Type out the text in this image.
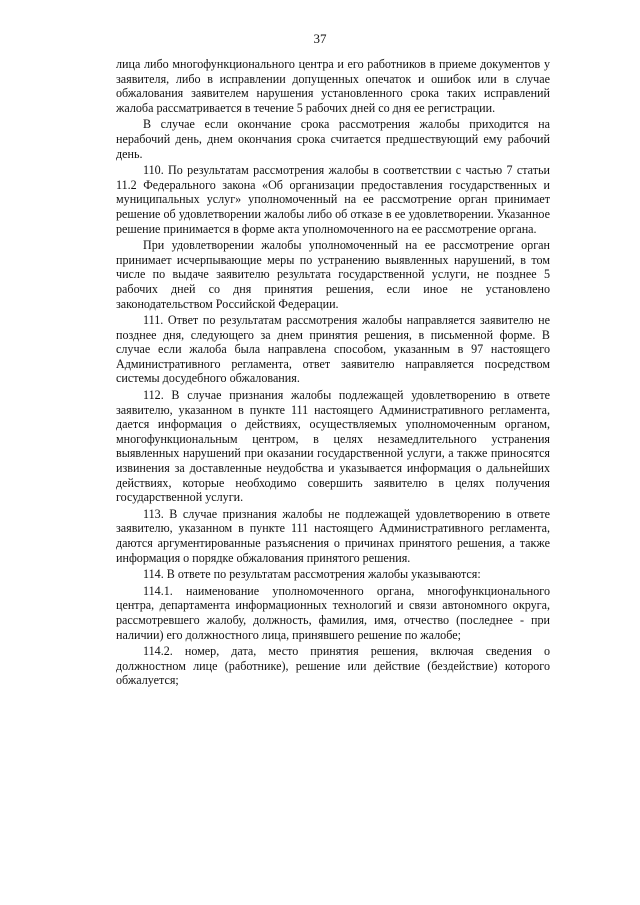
37

лица либо многофункционального центра и его работников в приеме документов у заявителя, либо в исправлении допущенных опечаток и ошибок или в случае обжалования заявителем нарушения установленного срока таких исправлений жалоба рассматривается в течение 5 рабочих дней со дня ее регистрации.

В случае если окончание срока рассмотрения жалобы приходится на нерабочий день, днем окончания срока считается предшествующий ему рабочий день.

110. По результатам рассмотрения жалобы в соответствии с частью 7 статьи 11.2 Федерального закона «Об организации предоставления государственных и муниципальных услуг» уполномоченный на ее рассмотрение орган принимает решение об удовлетворении жалобы либо об отказе в ее удовлетворении. Указанное решение принимается в форме акта уполномоченного на ее рассмотрение органа.

При удовлетворении жалобы уполномоченный на ее рассмотрение орган принимает исчерпывающие меры по устранению выявленных нарушений, в том числе по выдаче заявителю результата государственной услуги, не позднее 5 рабочих дней со дня принятия решения, если иное не установлено законодательством Российской Федерации.

111. Ответ по результатам рассмотрения жалобы направляется заявителю не позднее дня, следующего за днем принятия решения, в письменной форме. В случае если жалоба была направлена способом, указанным в 97 настоящего Административного регламента, ответ заявителю направляется посредством системы досудебного обжалования.

112. В случае признания жалобы подлежащей удовлетворению в ответе заявителю, указанном в пункте 111 настоящего Административного регламента, дается информация о действиях, осуществляемых уполномоченным органом, многофункциональным центром, в целях незамедлительного устранения выявленных нарушений при оказании государственной услуги, а также приносятся извинения за доставленные неудобства и указывается информация о дальнейших действиях, которые необходимо совершить заявителю в целях получения государственной услуги.

113. В случае признания жалобы не подлежащей удовлетворению в ответе заявителю, указанном в пункте 111 настоящего Административного регламента, даются аргументированные разъяснения о причинах принятого решения, а также информация о порядке обжалования принятого решения.

114. В ответе по результатам рассмотрения жалобы указываются:

114.1. наименование уполномоченного органа, многофункционального центра, департамента информационных технологий и связи автономного округа, рассмотревшего жалобу, должность, фамилия, имя, отчество (последнее - при наличии) его должностного лица, принявшего решение по жалобе;

114.2. номер, дата, место принятия решения, включая сведения о должностном лице (работнике), решение или действие (бездействие) которого обжалуется;
